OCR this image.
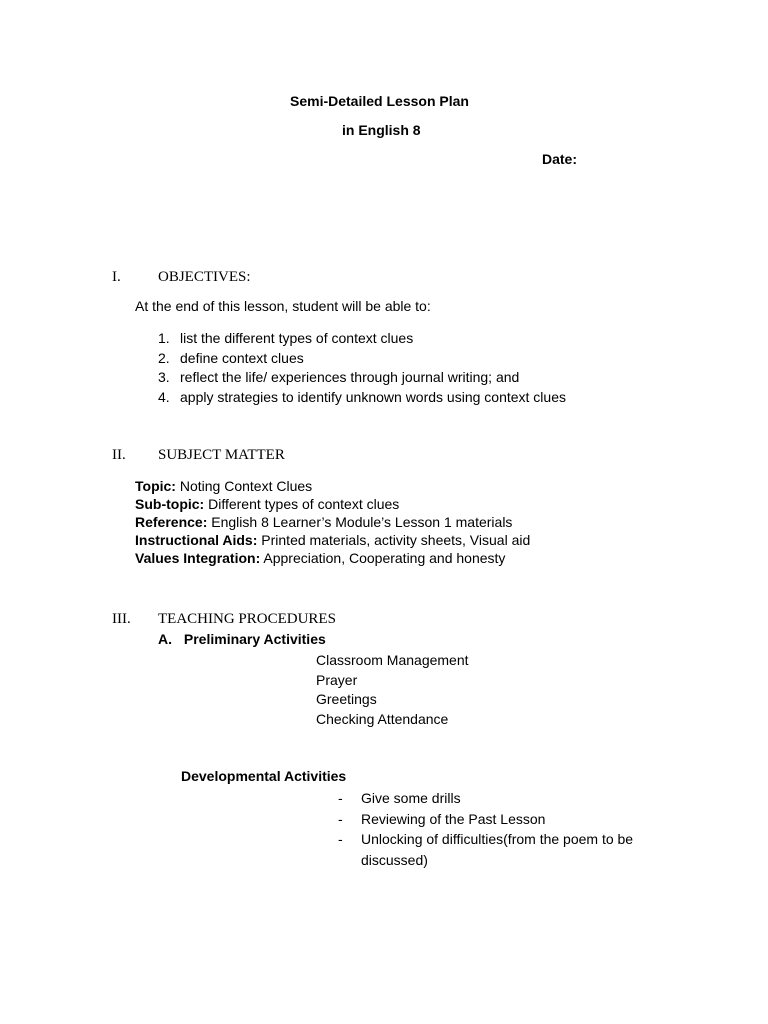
Semi-Detailed Lesson Plan
in English 8
Date:
I. OBJECTIVES:
At the end of this lesson, student will be able to:
1. list the different types of context clues
2. define context clues
3. reflect the life/ experiences through journal writing; and
4. apply strategies to identify unknown words using context clues
II. SUBJECT MATTER
Topic: Noting Context Clues
Sub-topic: Different types of context clues
Reference: English 8 Learner’s Module’s Lesson 1 materials
Instructional Aids: Printed materials, activity sheets, Visual aid
Values Integration: Appreciation, Cooperating and honesty
III. TEACHING PROCEDURES
A. Preliminary Activities
Classroom Management
Prayer
Greetings
Checking Attendance
Developmental Activities
- Give some drills
- Reviewing of the Past Lesson
- Unlocking of difficulties(from the poem to be
discussed)
